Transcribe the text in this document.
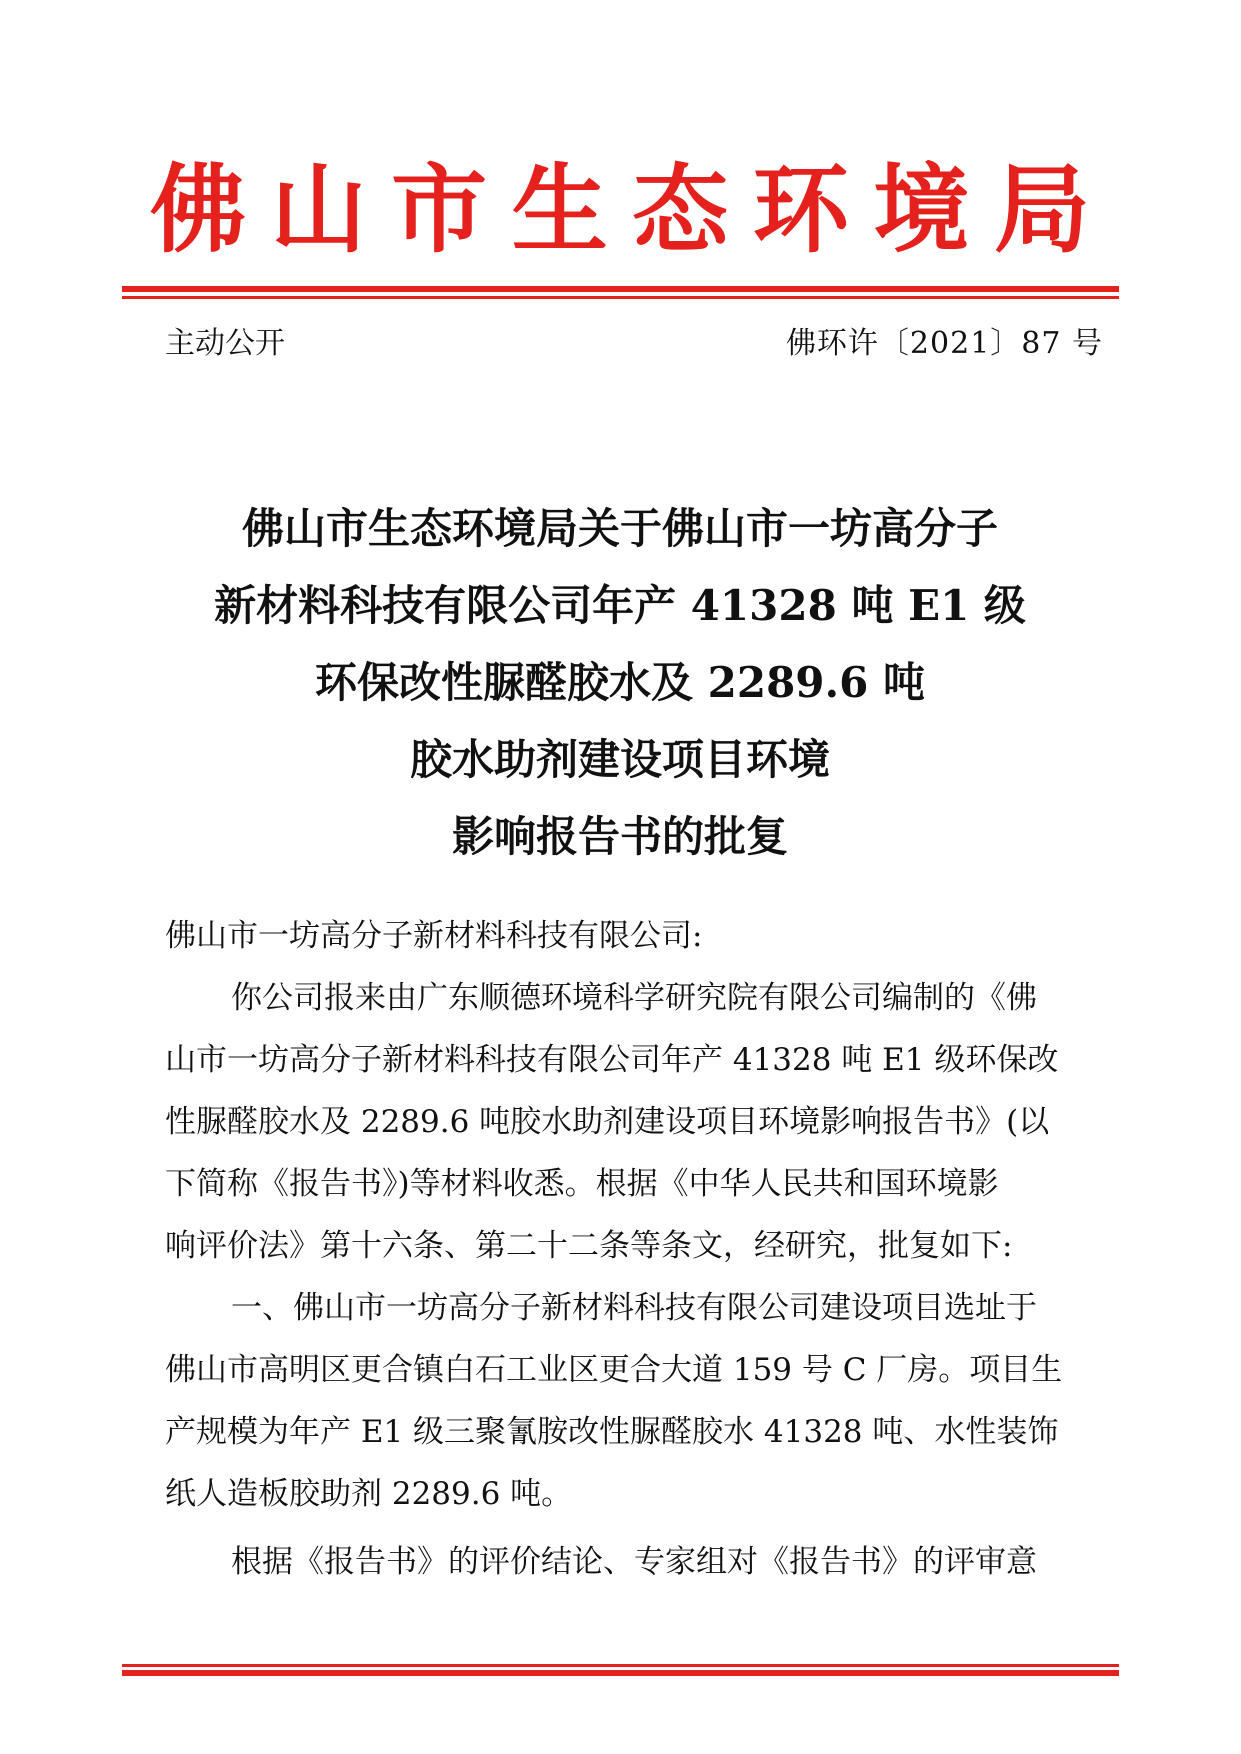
佛 山 市 生 态 环 境 局
主动公开	佛环许〔2021〕87 号
佛山市生态环境局关于佛山市一坊高分子
新材料科技有限公司年产 41328 吨 E1 级
环保改性脲醛胶水及 2289.6 吨
胶水助剂建设项目环境
影响报告书的批复

佛山市一坊高分子新材料科技有限公司:

你公司报来由广东顺德环境科学研究院有限公司编制的《佛

山市一坊高分子新材料科技有限公司年产 41328 吨 E1 级环保改

性脲醛胶水及 2289.6 吨胶水助剂建设项目环境影响报告书》(以

下简称《报告书》)等材料收悉。根据《中华人民共和国环境影

响评价法》第十六条、第二十二条等条文，经研究，批复如下:

一、佛山市一坊高分子新材料科技有限公司建设项目选址于

佛山市高明区更合镇白石工业区更合大道 159 号 C 厂房。项目生

产规模为年产 E1 级三聚氰胺改性脲醛胶水 41328 吨、水性装饰

纸人造板胶助剂 2289.6 吨。

根据《报告书》的评价结论、专家组对《报告书》的评审意
